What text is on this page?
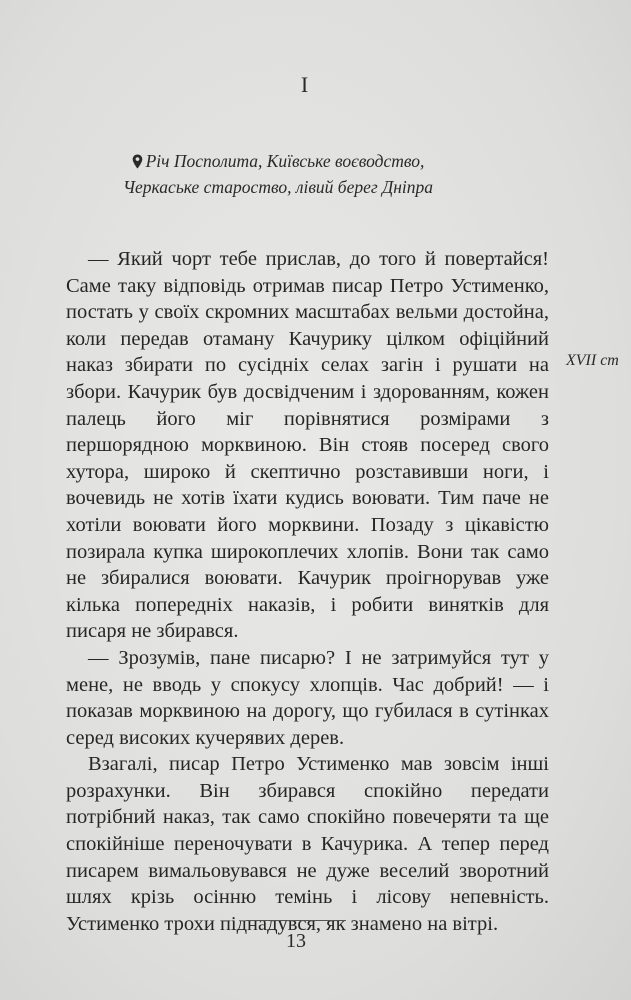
I
Річ Посполита, Київське воєводство,
Черкаське староство, лівий берег Дніпра
XVII ст

— Який чорт тебе прислав, до того й повертайся! Саме таку відповідь отримав писар Петро Устименко, постать у своїх скромних масштабах вельми достойна, коли передав отаману Качурику цілком офіційний наказ збирати по сусідніх селах загін і рушати на збори. Качурик був досвідченим і здорованням, кожен палець його міг порівнятися розмірами з першорядною морквиною. Він стояв посеред свого хутора, широко й скептично розставивши ноги, і вочевидь не хотів їхати кудись воювати. Тим паче не хотіли воювати його морквини. Позаду з цікавістю позирала купка широкоплечих хлопів. Вони так само не збиралися воювати. Качурик проігнорував уже кілька попередніх наказів, і робити винятків для писаря не збирався.

— Зрозумів, пане писарю? І не затримуйся тут у мене, не вводь у спокусу хлопців. Час добрий! — і показав морквиною на дорогу, що губилася в сутінках серед високих кучерявих дерев.

Взагалі, писар Петро Устименко мав зовсім інші розрахунки. Він збирався спокійно передати потрібний наказ, так само спокійно повечеряти та ще спокійніше переночувати в Качурика. А тепер перед писарем вимальовувався не дуже веселий зворотний шлях крізь осінню темінь і лісову непевність. Устименко трохи піднадувся, як знамено на вітрі.

13
